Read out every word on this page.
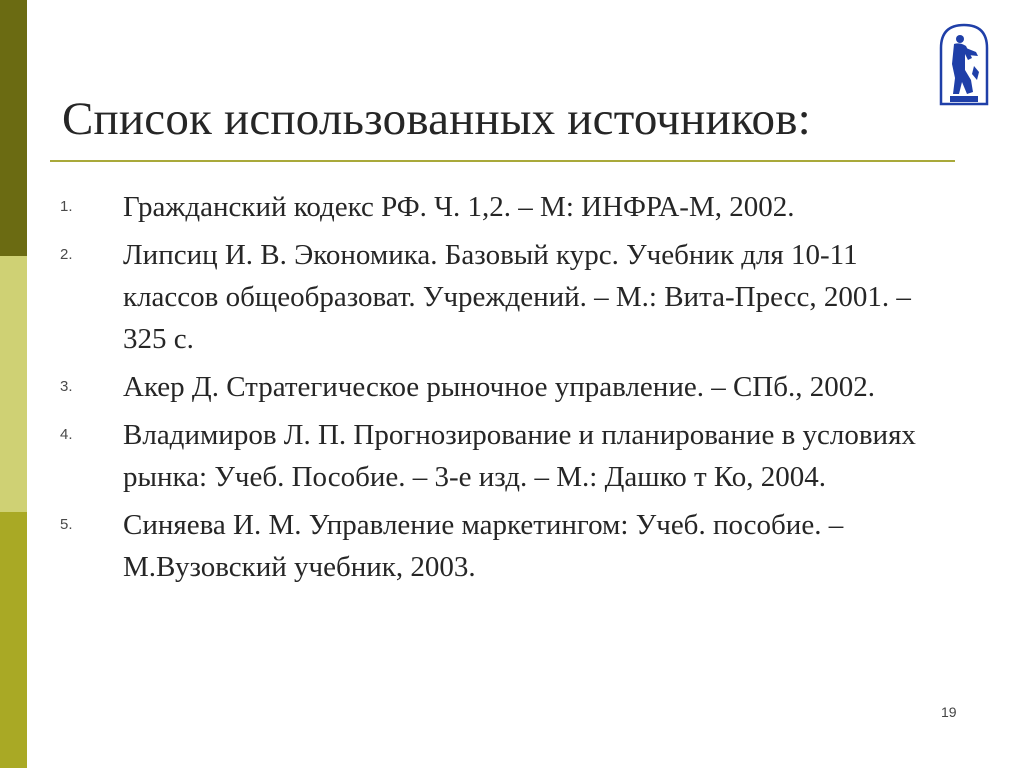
Список использованных источников:
1. Гражданский кодекс РФ. Ч. 1,2. – М: ИНФРА-М, 2002.
2. Липсиц И. В. Экономика. Базовый курс. Учебник для 10-11 классов общеобразоват. Учреждений. – М.: Вита-Пресс, 2001. – 325 с.
3. Акер Д. Стратегическое рыночное управление. – СПб., 2002.
4. Владимиров Л. П. Прогнозирование и планирование в условиях рынка: Учеб. Пособие. – 3-е изд. – М.: Дашко т Ко, 2004.
5. Синяева И. М. Управление маркетингом: Учеб. пособие. – М.Вузовский учебник, 2003.
19
